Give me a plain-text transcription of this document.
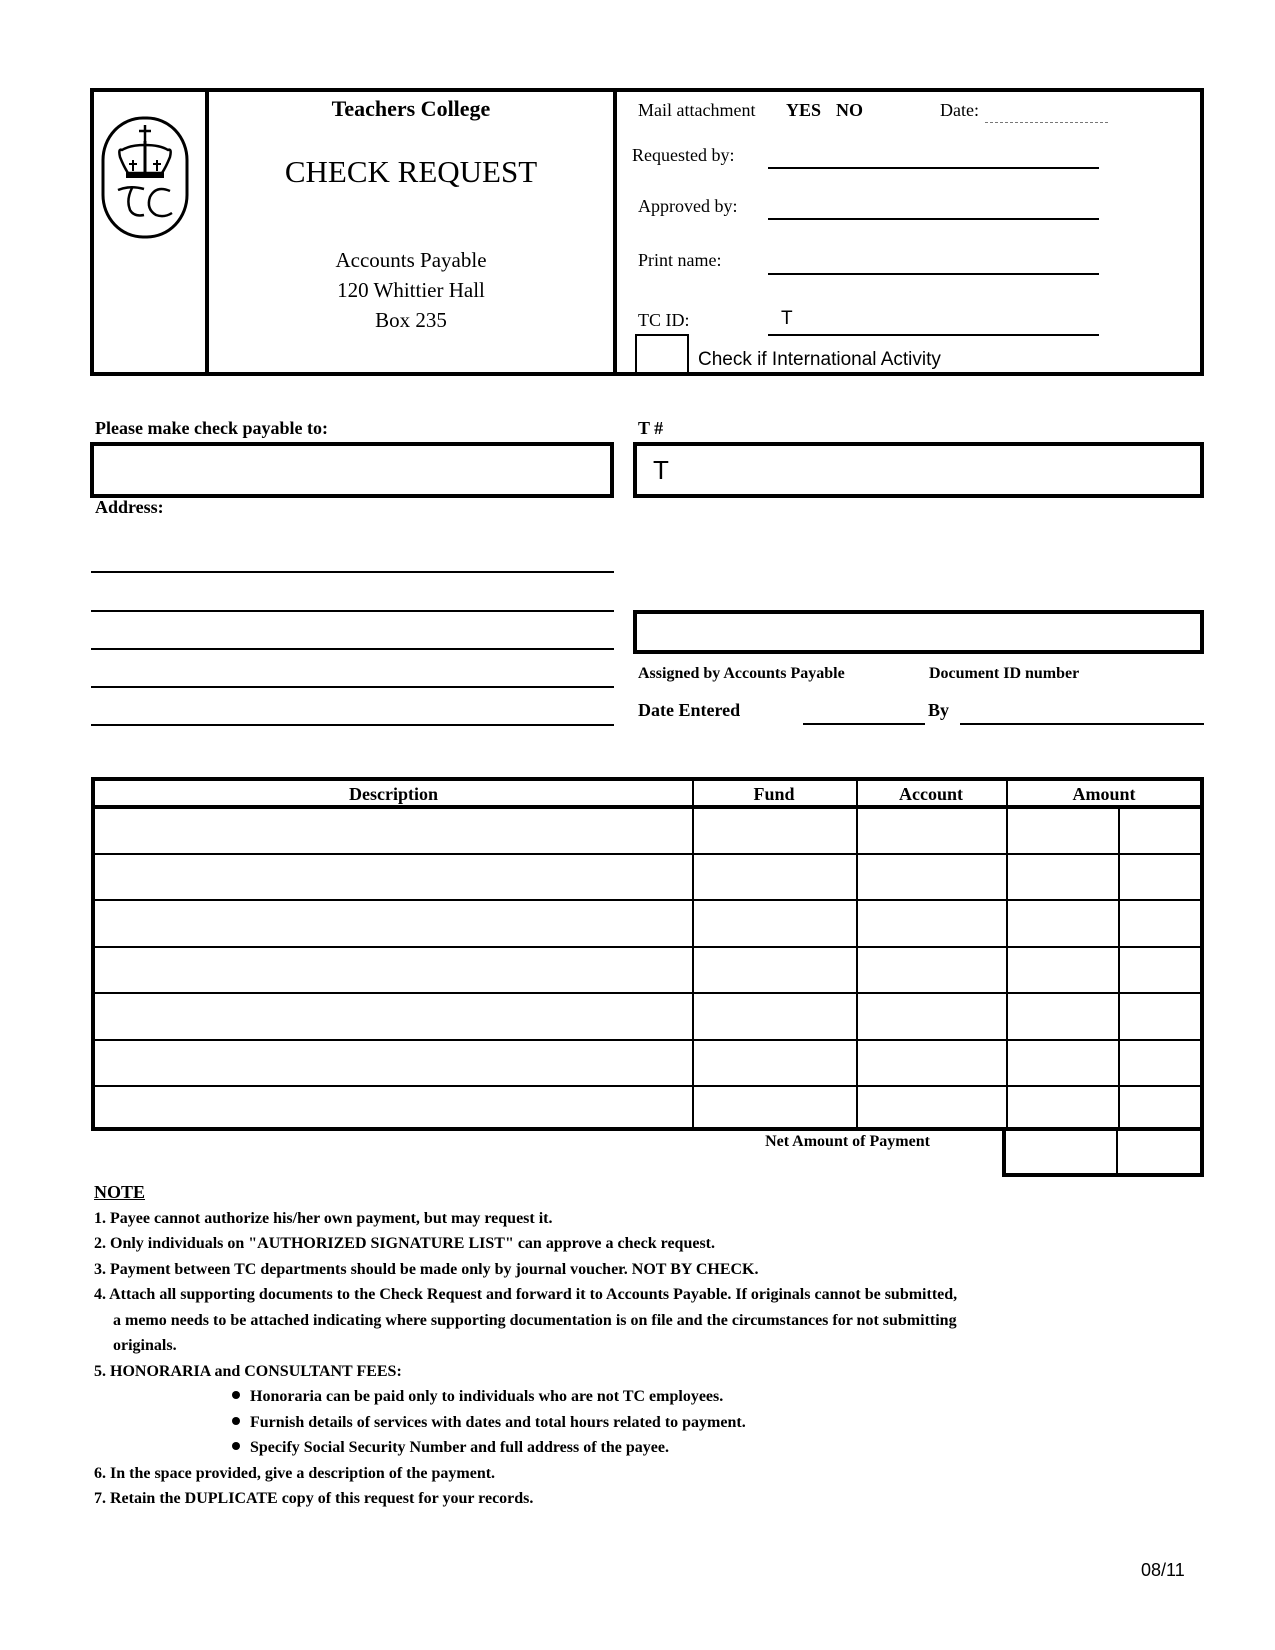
Teachers College
CHECK REQUEST
Accounts Payable
120 Whittier Hall
Box 235
Mail attachment YES NO	Date:
Requested by:
Approved by:
Print name:
TC ID:	T
Check if International Activity
Please make check payable to:	T #
T
Address:
Assigned by Accounts Payable	Document ID number
Date Entered	By
Description	Fund	Account	Amount
Net Amount of Payment
NOTE
1. Payee cannot authorize his/her own payment, but may request it.
2. Only individuals on "AUTHORIZED SIGNATURE LIST" can approve a check request.
3. Payment between TC departments should be made only by journal voucher. NOT BY CHECK.
4. Attach all supporting documents to the Check Request and forward it to Accounts Payable. If originals cannot be submitted,
a memo needs to be attached indicating where supporting documentation is on file and the circumstances for not submitting
originals.
5. HONORARIA and CONSULTANT FEES:
Honoraria can be paid only to individuals who are not TC employees.
Furnish details of services with dates and total hours related to payment.
Specify Social Security Number and full address of the payee.
6. In the space provided, give a description of the payment.
7. Retain the DUPLICATE copy of this request for your records.
08/11
